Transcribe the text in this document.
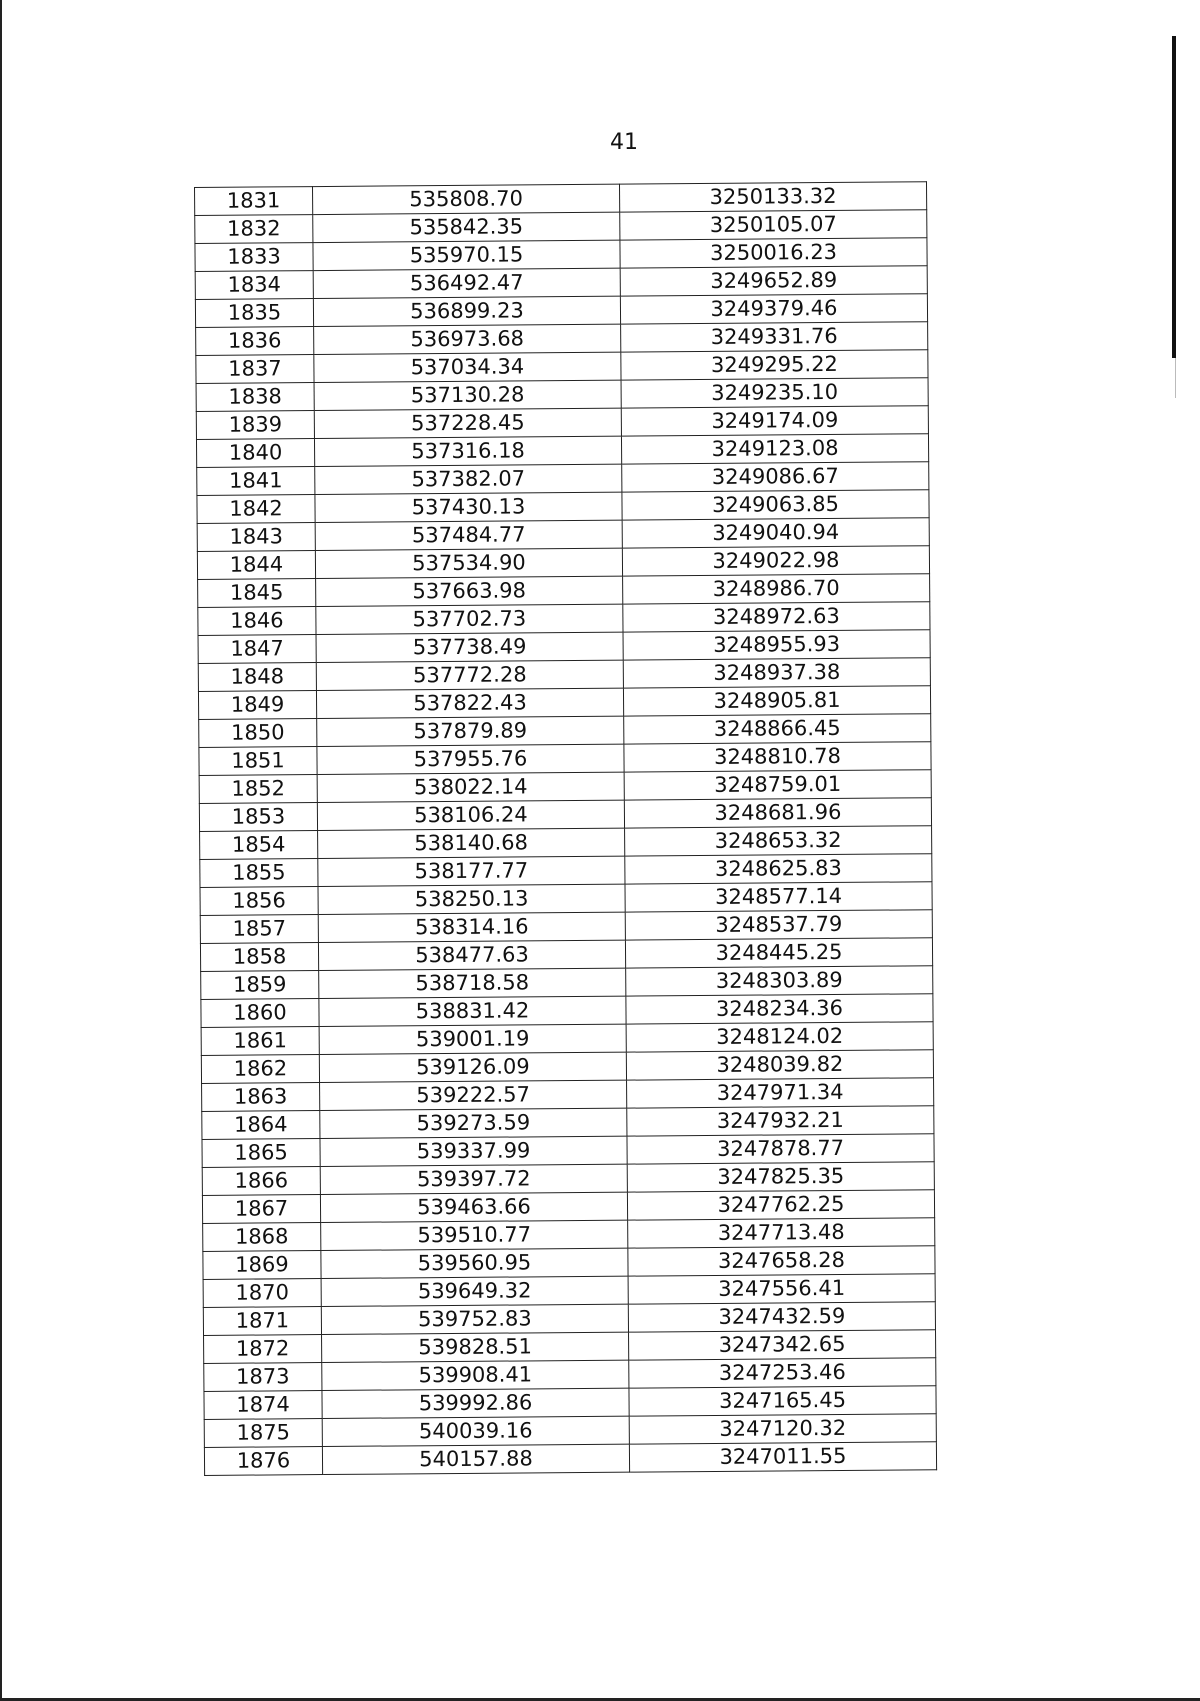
41
1831	535808.70	3250133.32
1832	535842.35	3250105.07
1833	535970.15	3250016.23
1834	536492.47	3249652.89
1835	536899.23	3249379.46
1836	536973.68	3249331.76
1837	537034.34	3249295.22
1838	537130.28	3249235.10
1839	537228.45	3249174.09
1840	537316.18	3249123.08
1841	537382.07	3249086.67
1842	537430.13	3249063.85
1843	537484.77	3249040.94
1844	537534.90	3249022.98
1845	537663.98	3248986.70
1846	537702.73	3248972.63
1847	537738.49	3248955.93
1848	537772.28	3248937.38
1849	537822.43	3248905.81
1850	537879.89	3248866.45
1851	537955.76	3248810.78
1852	538022.14	3248759.01
1853	538106.24	3248681.96
1854	538140.68	3248653.32
1855	538177.77	3248625.83
1856	538250.13	3248577.14
1857	538314.16	3248537.79
1858	538477.63	3248445.25
1859	538718.58	3248303.89
1860	538831.42	3248234.36
1861	539001.19	3248124.02
1862	539126.09	3248039.82
1863	539222.57	3247971.34
1864	539273.59	3247932.21
1865	539337.99	3247878.77
1866	539397.72	3247825.35
1867	539463.66	3247762.25
1868	539510.77	3247713.48
1869	539560.95	3247658.28
1870	539649.32	3247556.41
1871	539752.83	3247432.59
1872	539828.51	3247342.65
1873	539908.41	3247253.46
1874	539992.86	3247165.45
1875	540039.16	3247120.32
1876	540157.88	3247011.55
